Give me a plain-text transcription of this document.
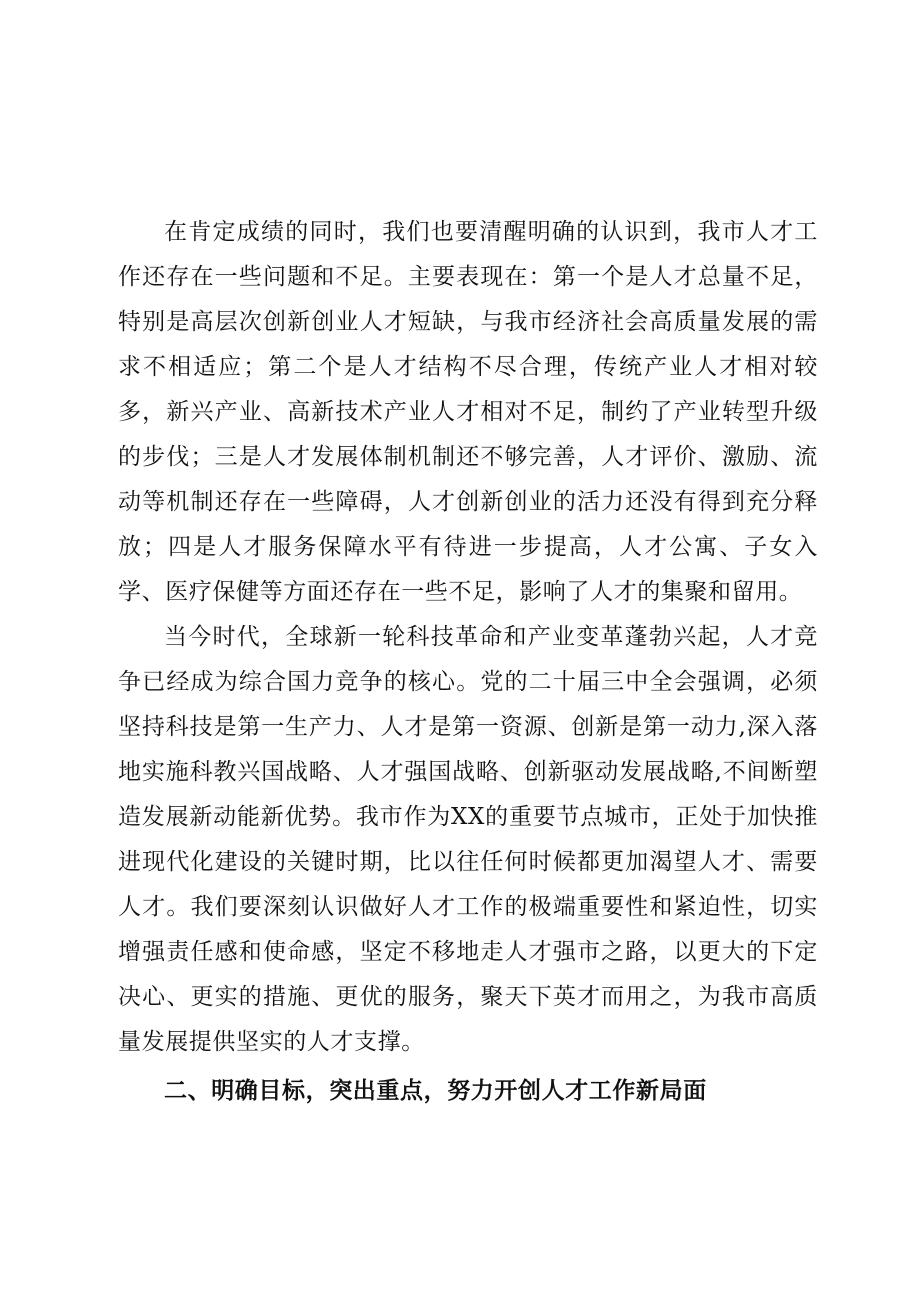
在肯定成绩的同时，我们也要清醒明确的认识到，我市人才工作还存在一些问题和不足。主要表现在：第一个是人才总量不足，特别是高层次创新创业人才短缺，与我市经济社会高质量发展的需求不相适应；第二个是人才结构不尽合理，传统产业人才相对较多，新兴产业、高新技术产业人才相对不足，制约了产业转型升级的步伐；三是人才发展体制机制还不够完善，人才评价、激励、流动等机制还存在一些障碍，人才创新创业的活力还没有得到充分释放；四是人才服务保障水平有待进一步提高，人才公寓、子女入学、医疗保健等方面还存在一些不足，影响了人才的集聚和留用。

当今时代，全球新一轮科技革命和产业变革蓬勃兴起，人才竞争已经成为综合国力竞争的核心。党的二十届三中全会强调，必须坚持科技是第一生产力、人才是第一资源、创新是第一动力,深入落地实施科教兴国战略、人才强国战略、创新驱动发展战略,不间断塑造发展新动能新优势。我市作为XX的重要节点城市，正处于加快推进现代化建设的关键时期，比以往任何时候都更加渴望人才、需要人才。我们要深刻认识做好人才工作的极端重要性和紧迫性，切实增强责任感和使命感，坚定不移地走人才强市之路，以更大的下定决心、更实的措施、更优的服务，聚天下英才而用之，为我市高质量发展提供坚实的人才支撑。

二、明确目标，突出重点，努力开创人才工作新局面
